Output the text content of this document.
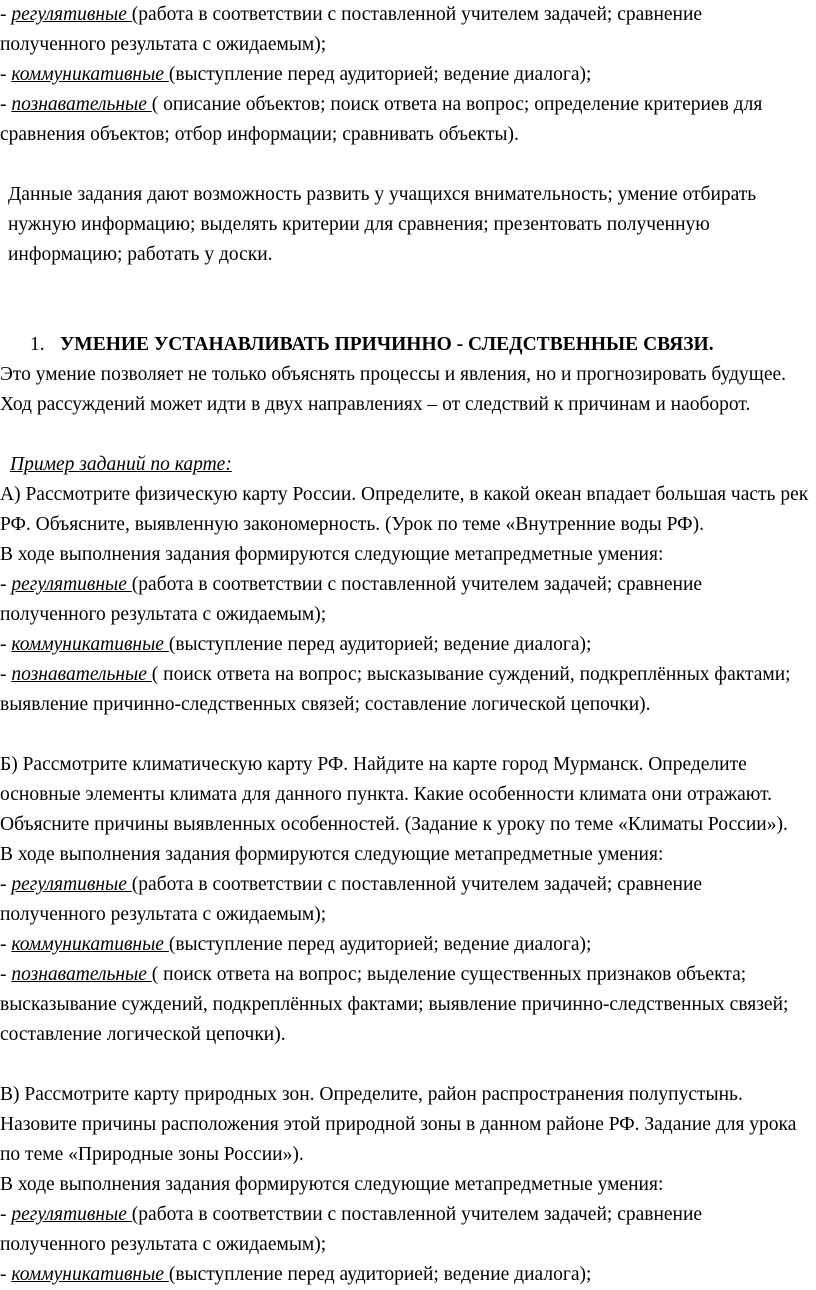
- регулятивные (работа в соответствии с поставленной учителем задачей; сравнение полученного результата с ожидаемым);

- коммуникативные (выступление перед аудиторией; ведение диалога);

- познавательные ( описание объектов; поиск ответа на вопрос; определение критериев для сравнения объектов; отбор информации; сравнивать объекты).

Данные задания дают возможность развить у учащихся внимательность; умение отбирать нужную информацию; выделять критерии для сравнения; презентовать полученную информацию; работать у доски.

1. УМЕНИЕ УСТАНАВЛИВАТЬ ПРИЧИННО - СЛЕДСТВЕННЫЕ СВЯЗИ.

Это умение позволяет не только объяснять процессы и явления, но и прогнозировать будущее. Ход рассуждений может идти в двух направлениях – от следствий к причинам и наоборот.

Пример заданий по карте:

А) Рассмотрите физическую карту России. Определите, в какой океан впадает большая часть рек РФ. Объясните, выявленную закономерность. (Урок по теме «Внутренние воды РФ).

В ходе выполнения задания формируются следующие метапредметные умения:

- регулятивные (работа в соответствии с поставленной учителем задачей; сравнение полученного результата с ожидаемым);

- коммуникативные (выступление перед аудиторией; ведение диалога);

- познавательные ( поиск ответа на вопрос; высказывание суждений, подкреплённых фактами; выявление причинно-следственных связей; составление логической цепочки).

Б) Рассмотрите климатическую карту РФ. Найдите на карте город Мурманск. Определите основные элементы климата для данного пункта. Какие особенности климата они отражают. Объясните причины выявленных особенностей. (Задание к уроку по теме «Климаты России»).

В ходе выполнения задания формируются следующие метапредметные умения:

- регулятивные (работа в соответствии с поставленной учителем задачей; сравнение полученного результата с ожидаемым);

- коммуникативные (выступление перед аудиторией; ведение диалога);

- познавательные ( поиск ответа на вопрос; выделение существенных признаков объекта; высказывание суждений, подкреплённых фактами; выявление причинно-следственных связей; составление логической цепочки).

В) Рассмотрите карту природных зон. Определите, район распространения полупустынь. Назовите причины расположения этой природной зоны в данном районе РФ. Задание для урока по теме «Природные зоны России»).

В ходе выполнения задания формируются следующие метапредметные умения:

- регулятивные (работа в соответствии с поставленной учителем задачей; сравнение полученного результата с ожидаемым);

- коммуникативные (выступление перед аудиторией; ведение диалога);
